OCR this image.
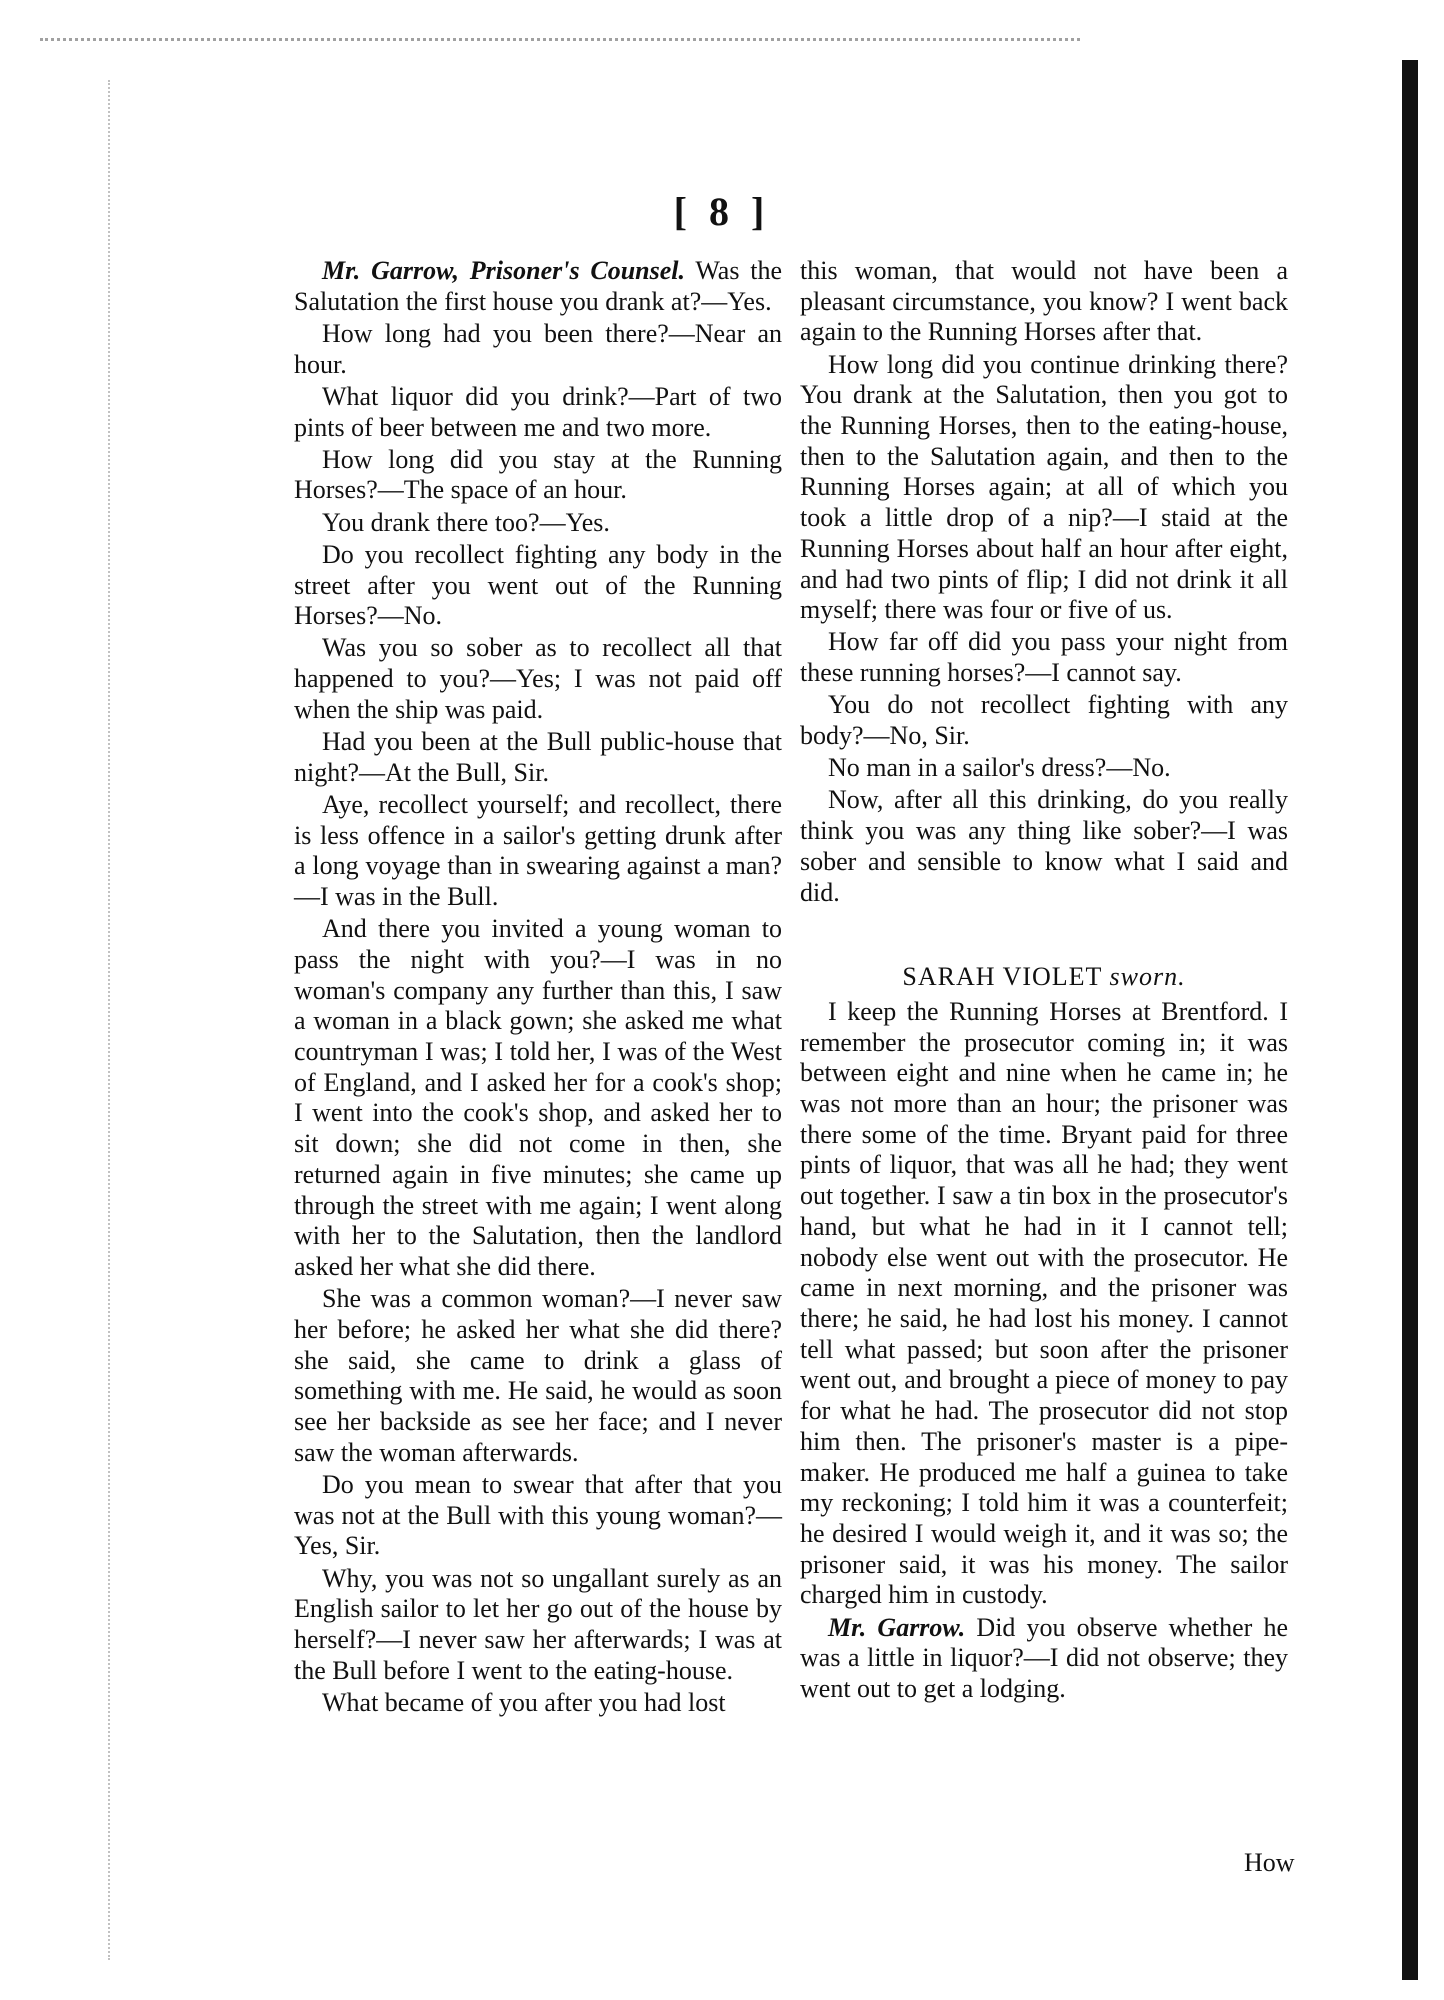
[ 8 ]

Mr. Garrow, Prisoner's Counsel. Was the Salutation the first house you drank at?—Yes.

How long had you been there?—Near an hour.

What liquor did you drink?—Part of two pints of beer between me and two more.

How long did you stay at the Running Horses?—The space of an hour.

You drank there too?—Yes.

Do you recollect fighting any body in the street after you went out of the Running Horses?—No.

Was you so sober as to recollect all that happened to you?—Yes; I was not paid off when the ship was paid.

Had you been at the Bull public-house that night?—At the Bull, Sir.

Aye, recollect yourself; and recollect, there is less offence in a sailor's getting drunk after a long voyage than in swearing against a man?—I was in the Bull.

And there you invited a young woman to pass the night with you?—I was in no woman's company any further than this, I saw a woman in a black gown; she asked me what countryman I was; I told her, I was of the West of England, and I asked her for a cook's shop; I went into the cook's shop, and asked her to sit down; she did not come in then, she returned again in five minutes; she came up through the street with me again; I went along with her to the Salutation, then the landlord asked her what she did there.

She was a common woman?—I never saw her before; he asked her what she did there? she said, she came to drink a glass of something with me. He said, he would as soon see her backside as see her face; and I never saw the woman afterwards.

Do you mean to swear that after that you was not at the Bull with this young woman?—Yes, Sir.

Why, you was not so ungallant surely as an English sailor to let her go out of the house by herself?—I never saw her afterwards; I was at the Bull before I went to the eating-house.

What became of you after you had lost

this woman, that would not have been a pleasant circumstance, you know? I went back again to the Running Horses after that.

How long did you continue drinking there? You drank at the Salutation, then you got to the Running Horses, then to the eating-house, then to the Salutation again, and then to the Running Horses again; at all of which you took a little drop of a nip?—I staid at the Running Horses about half an hour after eight, and had two pints of flip; I did not drink it all myself; there was four or five of us.

How far off did you pass your night from these running horses?—I cannot say.

You do not recollect fighting with any body?—No, Sir.

No man in a sailor's dress?—No.

Now, after all this drinking, do you really think you was any thing like sober?—I was sober and sensible to know what I said and did.

SARAH VIOLET sworn.

I keep the Running Horses at Brentford. I remember the prosecutor coming in; it was between eight and nine when he came in; he was not more than an hour; the prisoner was there some of the time. Bryant paid for three pints of liquor, that was all he had; they went out together. I saw a tin box in the prosecutor's hand, but what he had in it I cannot tell; nobody else went out with the prosecutor. He came in next morning, and the prisoner was there; he said, he had lost his money. I cannot tell what passed; but soon after the prisoner went out, and brought a piece of money to pay for what he had. The prosecutor did not stop him then. The prisoner's master is a pipe-maker. He produced me half a guinea to take my reckoning; I told him it was a counterfeit; he desired I would weigh it, and it was so; the prisoner said, it was his money. The sailor charged him in custody.

Mr. Garrow. Did you observe whether he was a little in liquor?—I did not observe; they went out to get a lodging.

How
